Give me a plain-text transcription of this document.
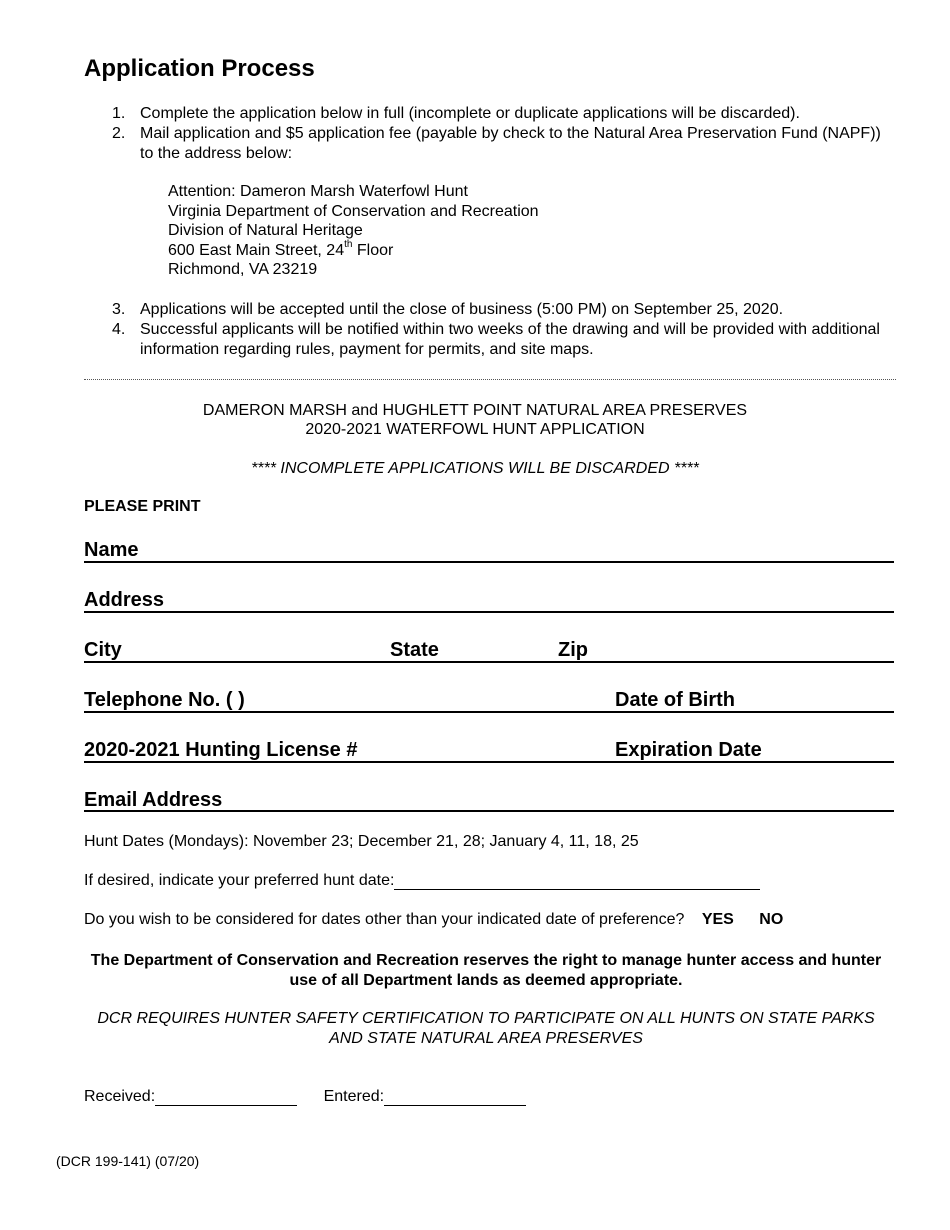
Application Process
1. Complete the application below in full (incomplete or duplicate applications will be discarded).
2. Mail application and $5 application fee (payable by check to the Natural Area Preservation Fund (NAPF)) to the address below:
Attention: Dameron Marsh Waterfowl Hunt
Virginia Department of Conservation and Recreation
Division of Natural Heritage
600 East Main Street, 24th Floor
Richmond, VA 23219
3. Applications will be accepted until the close of business (5:00 PM) on September 25, 2020.
4. Successful applicants will be notified within two weeks of the drawing and will be provided with additional information regarding rules, payment for permits, and site maps.
DAMERON MARSH and HUGHLETT POINT NATURAL AREA PRESERVES
2020-2021 WATERFOWL HUNT APPLICATION
**** INCOMPLETE APPLICATIONS WILL BE DISCARDED ****
PLEASE PRINT
Name
Address
City	State	Zip
Telephone No. ( )	Date of Birth
2020-2021 Hunting License #	Expiration Date
Email Address
Hunt Dates (Mondays): November 23; December 21, 28; January 4, 11, 18, 25
If desired, indicate your preferred hunt date:
Do you wish to be considered for dates other than your indicated date of preference? YES NO
The Department of Conservation and Recreation reserves the right to manage hunter access and hunter use of all Department lands as deemed appropriate.
DCR REQUIRES HUNTER SAFETY CERTIFICATION TO PARTICIPATE ON ALL HUNTS ON STATE PARKS AND STATE NATURAL AREA PRESERVES
Received:	Entered:
(DCR 199-141) (07/20)
